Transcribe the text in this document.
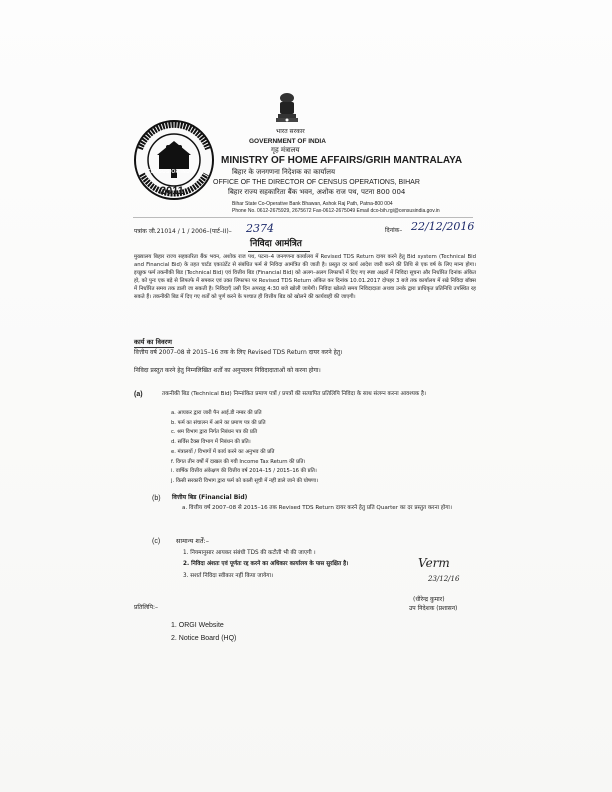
CENSUS OF INDIA
2011
भारत सरकार
GOVERNMENT OF INDIA
गृह मंत्रालय
MINISTRY OF HOME AFFAIRS/GRIH MANTRALAYA
बिहार के जनगणना निदेशक का कार्यालय
OFFICE OF THE DIRECTOR OF CENSUS OPERATIONS, BIHAR
बिहार राज्य सहकारिता बैंक भवन, अशोक राज पथ, पटना 800 004
Bihar State Co-Operative Bank Bhawan, Ashok Raj Path, Patna-800 004
Phone No. 0612-2675929, 2675672 Fax-0612-2675049 Email dco-bih.rgi@censusindia.gov.in
पत्रांक जी.21014 / 1 / 2006–(पार्ट–II)– 2374	दिनांक– 22/12/2016
निविदा आमंत्रित
मुख्यालय बिहार राज्य सहकारिता बैंक भवन, अशोक राज पथ, पटना–4 जनगणना कार्यालय में Revised TDS Return दायर करने हेतु Bid system (Technical Bid and Financial Bid) के तहत चार्टड एकाउंटेंट से संबंधित फर्म से निविदा आमंत्रित की जाती है। प्रस्तुत दर कार्य आदेश जारी करने की तिथि से एक वर्ष के लिए मान्य होगा। इच्छुक फर्म तकनीकी बिड (Technical Bid) एवं वित्तीय बिड (Financial Bid) को अलग–अलग लिफाफों में दिए गए स्पष्ट अक्षरों में निविदा सूचना और निर्धारित दिनांक अंकित हो, को पुनः एक बड़े से लिफाफे में सफ्कर एवं उक्त लिफाफा पर Revised TDS Return अंकित कर दिनांक 10.01.2017 दोपहर 3 बजे तक कार्यालय में रखे निविदा बॉक्स में निर्धारित समय तक डाली जा सकती है। निविदाएँ उसी दिन अपराह्न 4:30 बजे खोली जायेगी। निविदा खोलते समय निविदादाता अथवा उनके द्वारा प्राधिकृत प्रतिनिधि उपस्थित रह सकते हैं। तकनीकी बिड में दिए गए शर्तों को पूर्ण करने के पश्चात ही वित्तीय बिड को खोलने की कार्यवाही की जाएगी।
कार्य का विवरण
वित्तीय वर्ष 2007–08 से 2015–16 तक के लिए Revised TDS Return दायर करने हेतु।
निविदा प्रस्तुत करने हेतु निम्नलिखित शर्तों का अनुपालन निविदादाताओं को करना होगा।
(a)	तकनीकी बिड (Technical Bid) निम्नांकित प्रमाण पत्रों / प्रपत्रों की सत्यापित प्रतिलिपि निविदा के साथ संलग्न करना आवश्यक है।
a. आयकर द्वारा जारी पैन आई.डी नम्बर की प्रति
b. फर्म का संचालन में आने का प्रमाण पत्र की प्रति
c. श्रम विभाग द्वारा निर्गत निबंधन पत्र की प्रति
d. सर्विस टैक्स विभाग में निबंधन की प्रति।
e. मंत्रालयों / विभागों में कार्य करने का अनुभव की प्रति
f. विगत तीन वर्षों में दाखल की गयी Income Tax Return की प्रति।
i. वार्षिक वित्तीय अंकेक्षण की वित्तीय वर्ष 2014–15 / 2015–16 की प्रति।
j. किसी सरकारी विभाग द्वारा फर्म को काली सूची में नहीं डाले जाने की घोषणा।
(b) वित्तीय बिड (Financial Bid)
a. वित्तीय वर्ष 2007–08 से 2015–16 तक Revised TDS Return दायर करने हेतु प्रति Quarter का दर प्रस्तुत करना होगा।
(c) सामान्य शर्तें:–
1. नियमानुसार आयकर संबंधी TDS की कटौती भी की जाएगी ।
2. निविदा अंशतः एवं पूर्णतः रद्द करने का अधिकार कार्यालय के पास सुरक्षित है।
3. सशर्त निविदा स्वीकार नहीं किया जायेगा।
Verm
23/12/16
(धीरेन्द्र कुमार)
उप निदेशक (प्रशासन)
प्रतिलिपि:–
1. ORGI Website
2. Notice Board (HQ)
